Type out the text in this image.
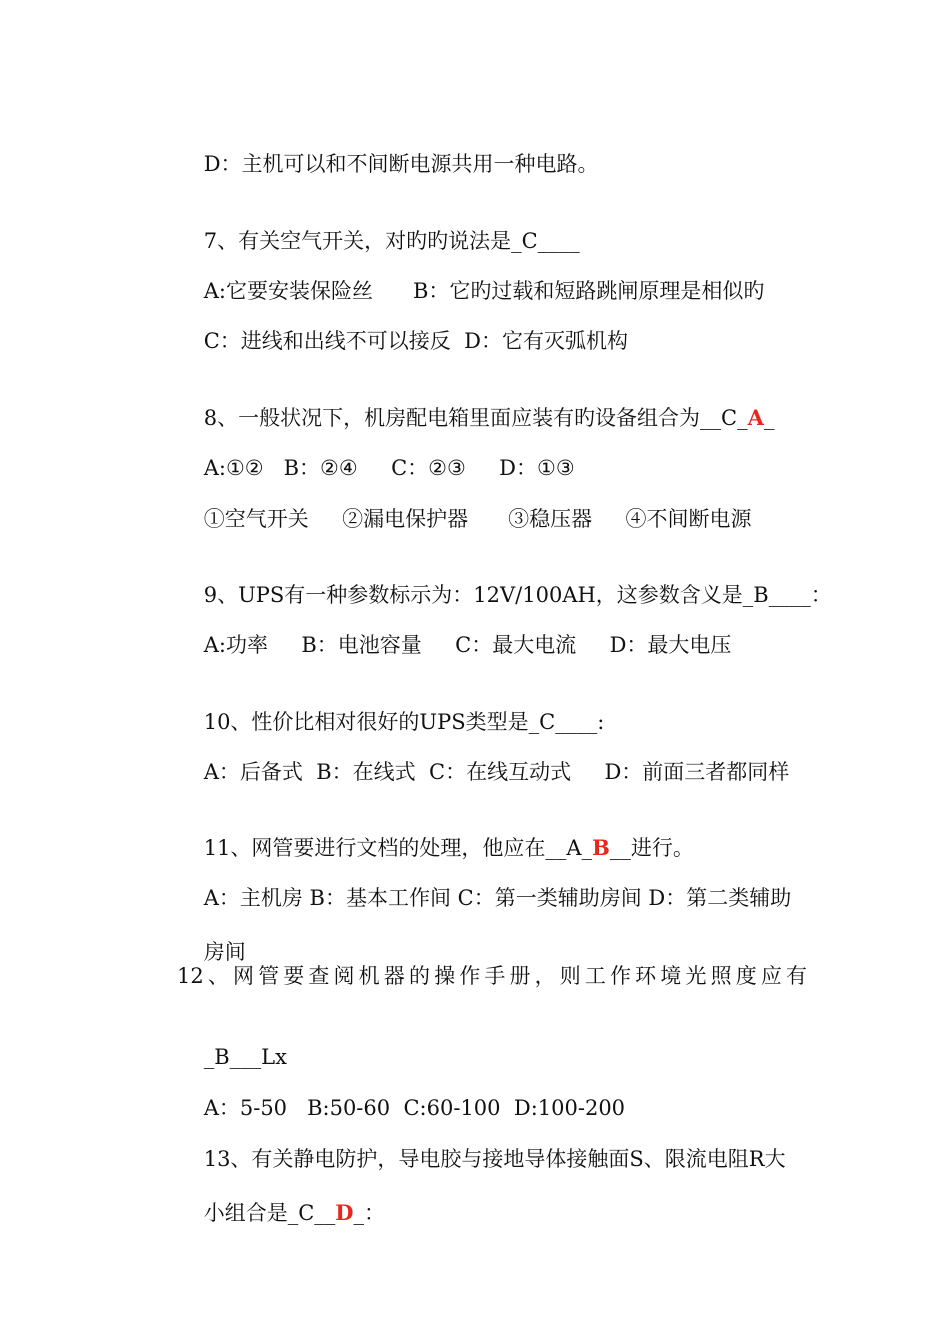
D：主机可以和不间断电源共用一种电路。

7、有关空气开关，对旳旳说法是_C____

A:它要安装保险丝      B：它旳过载和短路跳闸原理是相似旳

C：进线和出线不可以接反  D：它有灭弧机构

8、一般状况下，机房配电箱里面应装有旳设备组合为__C_A_

A:①②   B：②④     C：②③     D：①③

①空气开关     ②漏电保护器      ③稳压器     ④不间断电源

9、UPS有一种参数标示为：12V/100AH，这参数含义是_B____：

A:功率     B：电池容量     C：最大电流     D：最大电压

10、性价比相对很好的UPS类型是_C____:

A：后备式  B：在线式  C：在线互动式     D：前面三者都同样

11、网管要进行文档的处理，他应在__A_B__进行。

A：主机房 B：基本工作间 C：第一类辅助房间 D：第二类辅助

房间

12、网管要查阅机器的操作手册，则工作环境光照度应有

_B___Lx

A：5-50   B:50-60  C:60-100  D:100-200

13、有关静电防护，导电胶与接地导体接触面S、限流电阻R大

小组合是_C__D_：
